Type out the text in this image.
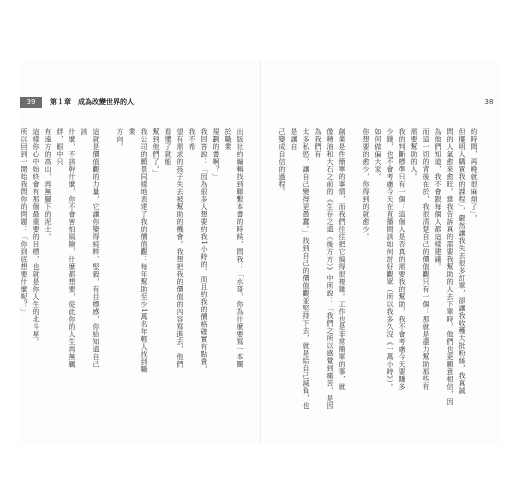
39	第１章　成為改變世界的人	38
出版社約編輯找到聯繫本書的時候，問我：「水哥，你為什麼要寫一本關於職業
規劃的書啊？」
我回答說：「因為很多人想要約我1小時的，而且約我的價格確實有點貴，我不希
望有需求的孩子失去被幫助的機會。我想把我的價值的內容寫進去，他們看懂了就能
幫到他們了。」
我公司的願景同樣地表達了我的價值觀：每年幫助至少1萬名年輕人找到職業
方向。
這就是價值觀的力量，它讓你變得純粹、堅毅，有目標感，你給知道自己該
什麼，不該幹什麼，你不會害怕風險，什麼都想要，從此你的人生再無羈絆，眼中只
有遠方的高山，再無腳下的泥土。
這樣你心中始終會有那個最重要的目標，也就是你人生的北斗星。
所以回到一開始我問你的問題：「你到底想要什麼呢？」	約時間，再晚就很麻煩了」。
但擺明人購買我的課程」，嚴然讓我失去很多訂單，卻讓我收穫大批粉絲，我真誠
問的人氣愈來愈旺。當我告訴真的需要我幫助的人去下單時，他們也更願意相信，因
為他們知道，我不會跟每個人都這樣建議。
而這一切的背後在於，我很清楚自己的價值觀只有一個：那就是盡力幫助那些有
需要幫助的人。
我的判斷標準只有一個：這個人是否真的需要我的幫助，我不會考慮今天要賺多
少錢，也不會考慮今天在直播間該如何討好觀眾（所以我多久沒《一萬小時》）。
如何做偏大家。
你想要的愈少，你得到的就愈少。
創業是件簡單的事情，而我們往往把它搞得很複雜。工作也是非常簡單的事，就
像精油和大石之前的《生存之道（後方方）》中所說：「我們之所以感覺到痛苦，是因為我們有
太多私慾，讓自己變得更愚蠢。」找到自己的價值觀並堅持下去，就是給自己減負，也是讓自
己變成自信的過程。
